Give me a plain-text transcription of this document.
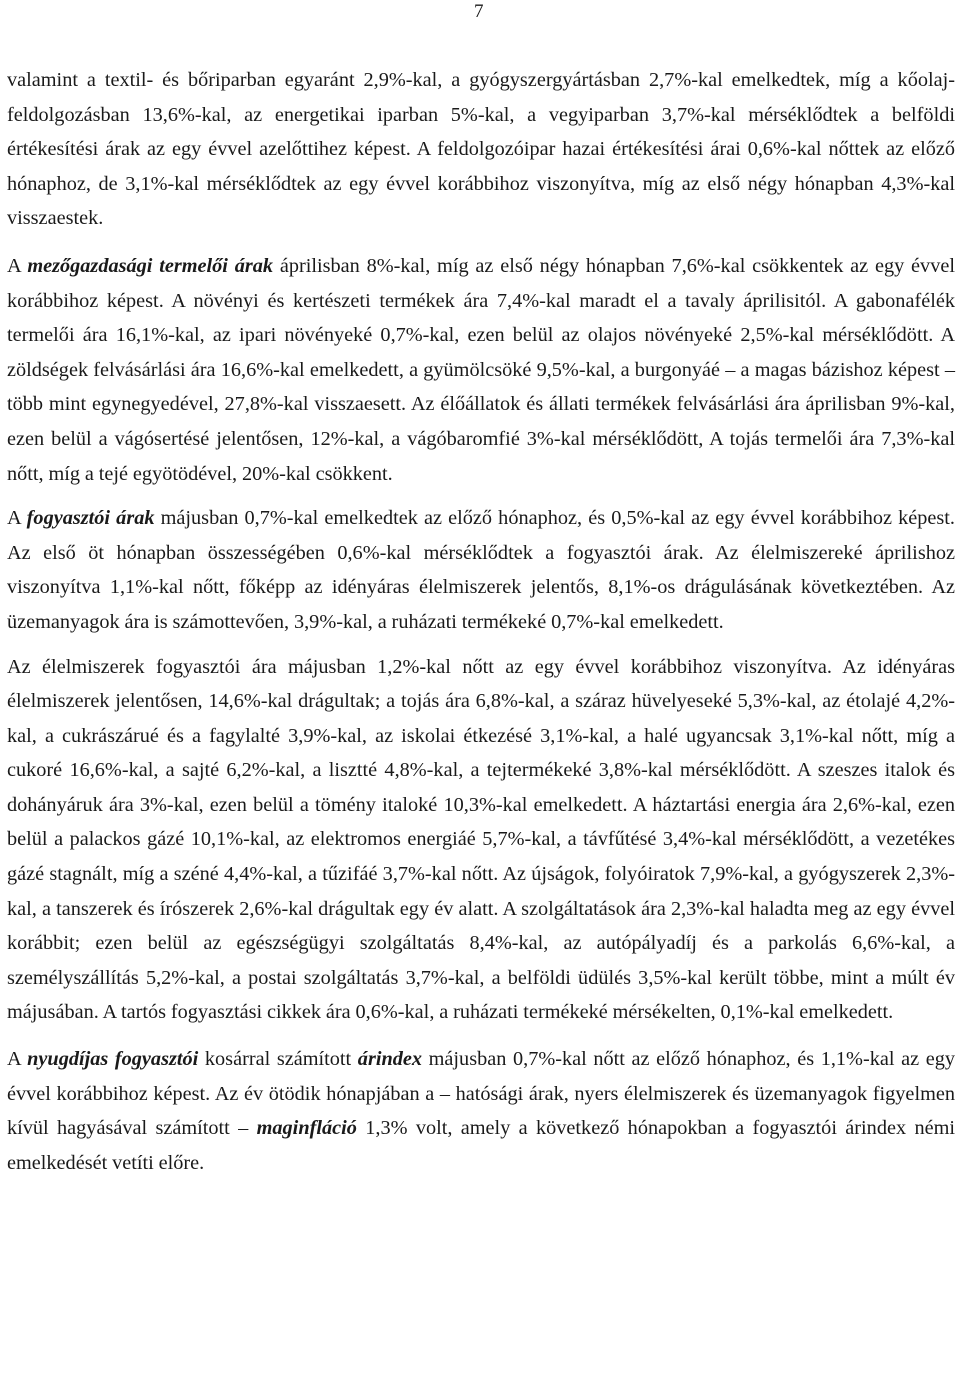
7

valamint a textil- és bőriparban egyaránt 2,9%-kal, a gyógyszergyártásban 2,7%-kal emelkedtek, míg a kőolaj-feldolgozásban 13,6%-kal, az energetikai iparban 5%-kal, a vegyiparban 3,7%-kal mérséklődtek a belföldi értékesítési árak az egy évvel azelőttihez képest. A feldolgozóipar hazai értékesítési árai 0,6%-kal nőttek az előző hónaphoz, de 3,1%-kal mérséklődtek az egy évvel korábbihoz viszonyítva, míg az első négy hónapban 4,3%-kal visszaestek.

A mezőgazdasági termelői árak áprilisban 8%-kal, míg az első négy hónapban 7,6%-kal csökkentek az egy évvel korábbihoz képest. A növényi és kertészeti termékek ára 7,4%-kal maradt el a tavaly áprilisitól. A gabonafélék termelői ára 16,1%-kal, az ipari növényeké 0,7%-kal, ezen belül az olajos növényeké 2,5%-kal mérséklődött. A zöldségek felvásárlási ára 16,6%-kal emelkedett, a gyümölcsöké 9,5%-kal, a burgonyáé – a magas bázishoz képest – több mint egynegyedével, 27,8%-kal visszaesett. Az élőállatok és állati termékek felvásárlási ára áprilisban 9%-kal, ezen belül a vágósertésé jelentősen, 12%-kal, a vágóbaromfié 3%-kal mérséklődött, A tojás termelői ára 7,3%-kal nőtt, míg a tejé egyötödével, 20%-kal csökkent.

A fogyasztói árak májusban 0,7%-kal emelkedtek az előző hónaphoz, és 0,5%-kal az egy évvel korábbihoz képest. Az első öt hónapban összességében 0,6%-kal mérséklődtek a fogyasztói árak. Az élelmiszereké áprilishoz viszonyítva 1,1%-kal nőtt, főképp az idényáras élelmiszerek jelentős, 8,1%-os drágulásának következtében. Az üzemanyagok ára is számottevően, 3,9%-kal, a ruházati termékeké 0,7%-kal emelkedett.

Az élelmiszerek fogyasztói ára májusban 1,2%-kal nőtt az egy évvel korábbihoz viszonyítva. Az idényáras élelmiszerek jelentősen, 14,6%-kal drágultak; a tojás ára 6,8%-kal, a száraz hüvelyeseké 5,3%-kal, az étolajé 4,2%-kal, a cukrászárué és a fagylalté 3,9%-kal, az iskolai étkezésé 3,1%-kal, a halé ugyancsak 3,1%-kal nőtt, míg a cukoré 16,6%-kal, a sajté 6,2%-kal, a lisztté 4,8%-kal, a tejtermékeké 3,8%-kal mérséklődött. A szeszes italok és dohányáruk ára 3%-kal, ezen belül a tömény italoké 10,3%-kal emelkedett. A háztartási energia ára 2,6%-kal, ezen belül a palackos gázé 10,1%-kal, az elektromos energiáé 5,7%-kal, a távfűtésé 3,4%-kal mérséklődött, a vezetékes gázé stagnált, míg a széné 4,4%-kal, a tűzifáé 3,7%-kal nőtt. Az újságok, folyóiratok 7,9%-kal, a gyógyszerek 2,3%-kal, a tanszerek és írószerek 2,6%-kal drágultak egy év alatt. A szolgáltatások ára 2,3%-kal haladta meg az egy évvel korábbit; ezen belül az egészségügyi szolgáltatás 8,4%-kal, az autópályadíj és a parkolás 6,6%-kal, a személyszállítás 5,2%-kal, a postai szolgáltatás 3,7%-kal, a belföldi üdülés 3,5%-kal került többe, mint a múlt év májusában. A tartós fogyasztási cikkek ára 0,6%-kal, a ruházati termékeké mérsékelten, 0,1%-kal emelkedett.

A nyugdíjas fogyasztói kosárral számított árindex májusban 0,7%-kal nőtt az előző hónaphoz, és 1,1%-kal az egy évvel korábbihoz képest. Az év ötödik hónapjában a – hatósági árak, nyers élelmiszerek és üzemanyagok figyelmen kívül hagyásával számított – maginfláció 1,3% volt, amely a következő hónapokban a fogyasztói árindex némi emelkedését vetíti előre.
